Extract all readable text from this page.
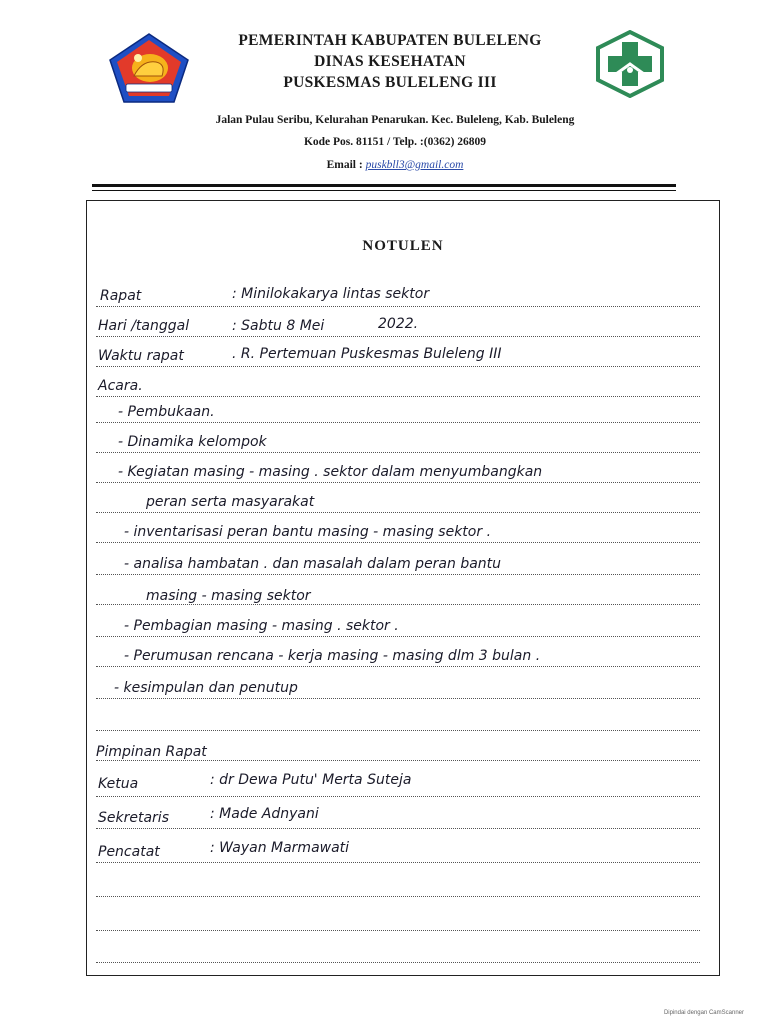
PEMERINTAH KABUPATEN BULELENG
DINAS KESEHATAN
PUSKESMAS BULELENG III
Jalan Pulau Seribu, Kelurahan Penarukan. Kec. Buleleng, Kab. Buleleng
Kode Pos. 81151 / Telp. :(0362) 26809
Email : puskbll3@gmail.com
NOTULEN
Rapat	: Minilokakarya lintas sektor
Hari /tanggal	: Sabtu 8 Mei	2022.
Waktu rapat	. R. Pertemuan Puskesmas Buleleng III
Acara.
- Pembukaan.
- Dinamika kelompok
- Kegiatan masing - masing . sektor dalam menyumbangkan
peran serta masyarakat
- inventarisasi peran bantu masing - masing sektor .
- analisa hambatan . dan masalah dalam peran bantu
masing - masing sektor
- Pembagian masing - masing . sektor .
- Perumusan rencana - kerja masing - masing dlm 3 bulan .
- kesimpulan dan penutup
Pimpinan Rapat
Ketua	: dr Dewa Putu' Merta Suteja
Sekretaris	: Made Adnyani
Pencatat	: Wayan Marmawati
Dipindai dengan CamScanner
